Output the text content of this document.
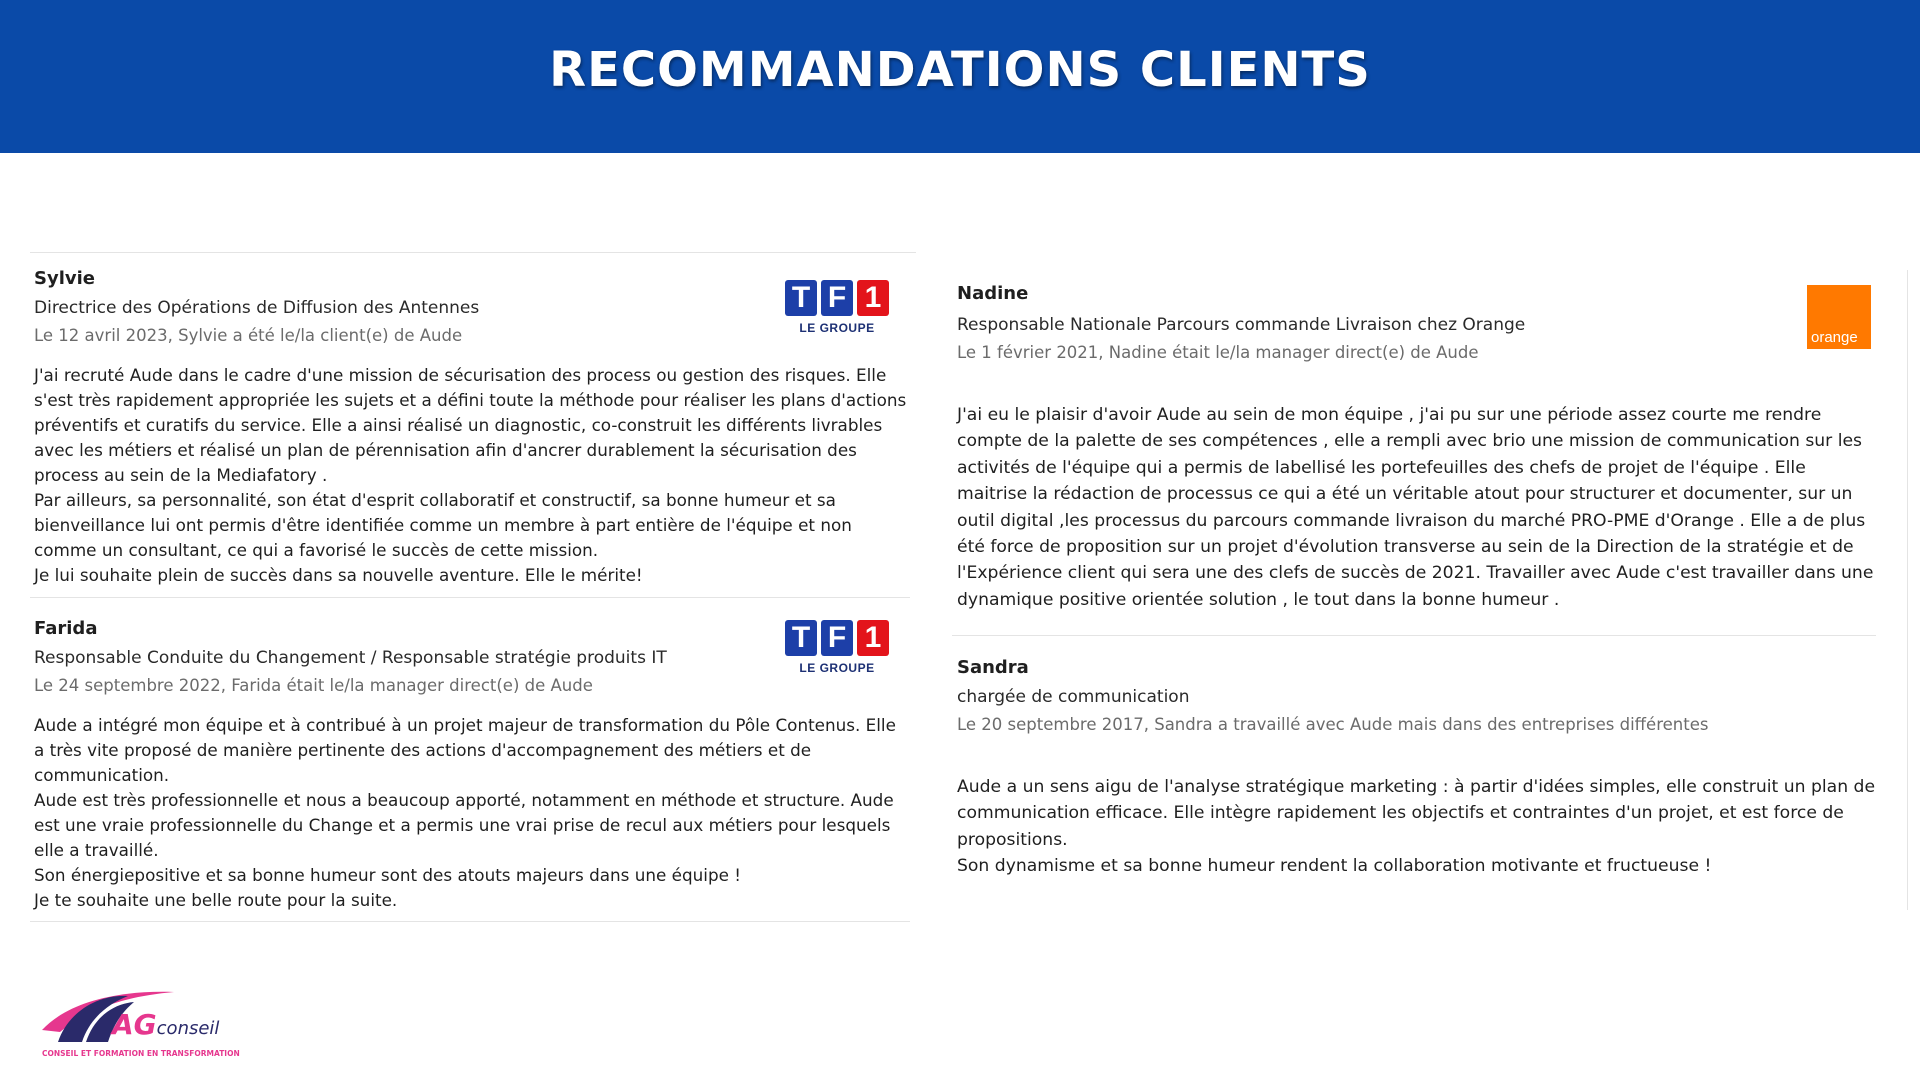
RECOMMANDATIONS CLIENTS
Sylvie
Directrice des Opérations de Diffusion des Antennes
Le 12 avril 2023, Sylvie a été le/la client(e) de Aude

J'ai recruté Aude dans le cadre d'une mission de sécurisation des process ou gestion des risques. Elle s'est très rapidement appropriée les sujets et a défini toute la méthode pour réaliser les plans d'actions préventifs et curatifs du service. Elle a ainsi réalisé un diagnostic, co-construit les différents livrables avec les métiers et réalisé un plan de pérennisation afin d'ancrer durablement la sécurisation des process au sein de la Mediafatory .

Par ailleurs, sa personnalité, son état d'esprit collaboratif et constructif, sa bonne humeur et sa bienveillance lui ont permis d'être identifiée comme un membre à part entière de l'équipe et non comme un consultant, ce qui a favorisé le succès de cette mission.

Je lui souhaite plein de succès dans sa nouvelle aventure. Elle le mérite!

T F 1
LE GROUPE
Farida
Responsable Conduite du Changement / Responsable stratégie produits IT
Le 24 septembre 2022, Farida était le/la manager direct(e) de Aude

Aude a intégré mon équipe et à contribué à un projet majeur de transformation du Pôle Contenus. Elle a très vite proposé de manière pertinente des actions d'accompagnement des métiers et de communication.

Aude est très professionnelle et nous a beaucoup apporté, notamment en méthode et structure. Aude est une vraie professionnelle du Change et a permis une vrai prise de recul aux métiers pour lesquels elle a travaillé.

Son énergiepositive et sa bonne humeur sont des atouts majeurs dans une équipe !

Je te souhaite une belle route pour la suite.

T F 1
LE GROUPE
Nadine
Responsable Nationale Parcours commande Livraison chez Orange
Le 1 février 2021, Nadine était le/la manager direct(e) de Aude

J'ai eu le plaisir d'avoir Aude au sein de mon équipe , j'ai pu sur une période assez courte me rendre compte de la palette de ses compétences , elle a rempli avec brio une mission de communication sur les activités de l'équipe qui a permis de labellisé les portefeuilles des chefs de projet de l'équipe . Elle maitrise la rédaction de processus ce qui a été un véritable atout pour structurer et documenter, sur un outil digital ,les processus du parcours commande livraison du marché PRO-PME d'Orange . Elle a de plus été force de proposition sur un projet d'évolution transverse au sein de la Direction de la stratégie et de l'Expérience client qui sera une des clefs de succès de 2021. Travailler avec Aude c'est travailler dans une dynamique positive orientée solution , le tout dans la bonne humeur .

orange
Sandra
chargée de communication
Le 20 septembre 2017, Sandra a travaillé avec Aude mais dans des entreprises différentes

Aude a un sens aigu de l'analyse stratégique marketing : à partir d'idées simples, elle construit un plan de communication efficace. Elle intègre rapidement les objectifs et contraintes d'un projet, et est force de propositions.

Son dynamisme et sa bonne humeur rendent la collaboration motivante et fructueuse !

AGconseil
CONSEIL ET FORMATION EN TRANSFORMATION
